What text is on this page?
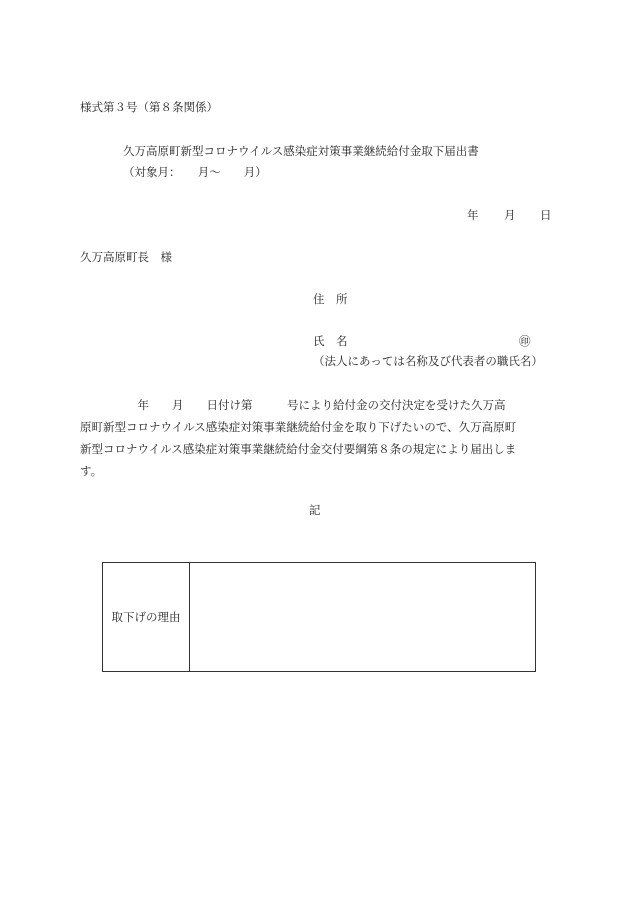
様式第３号（第８条関係）
久万高原町新型コロナウイルス感染症対策事業継続給付金取下届出書
（対象月：　　月～　　月）
年 月 日
久万高原町長　様
住　所
氏　名	㊞
（法人にあっては名称及び代表者の職氏名）
　　　　　年　　月　　日付け第　　　号により給付金の交付決定を受けた久万高
原町新型コロナウイルス感染症対策事業継続給付金を取り下げたいので、久万高原町
新型コロナウイルス感染症対策事業継続給付金交付要綱第８条の規定により届出しま
す。
記
取下げの理由
